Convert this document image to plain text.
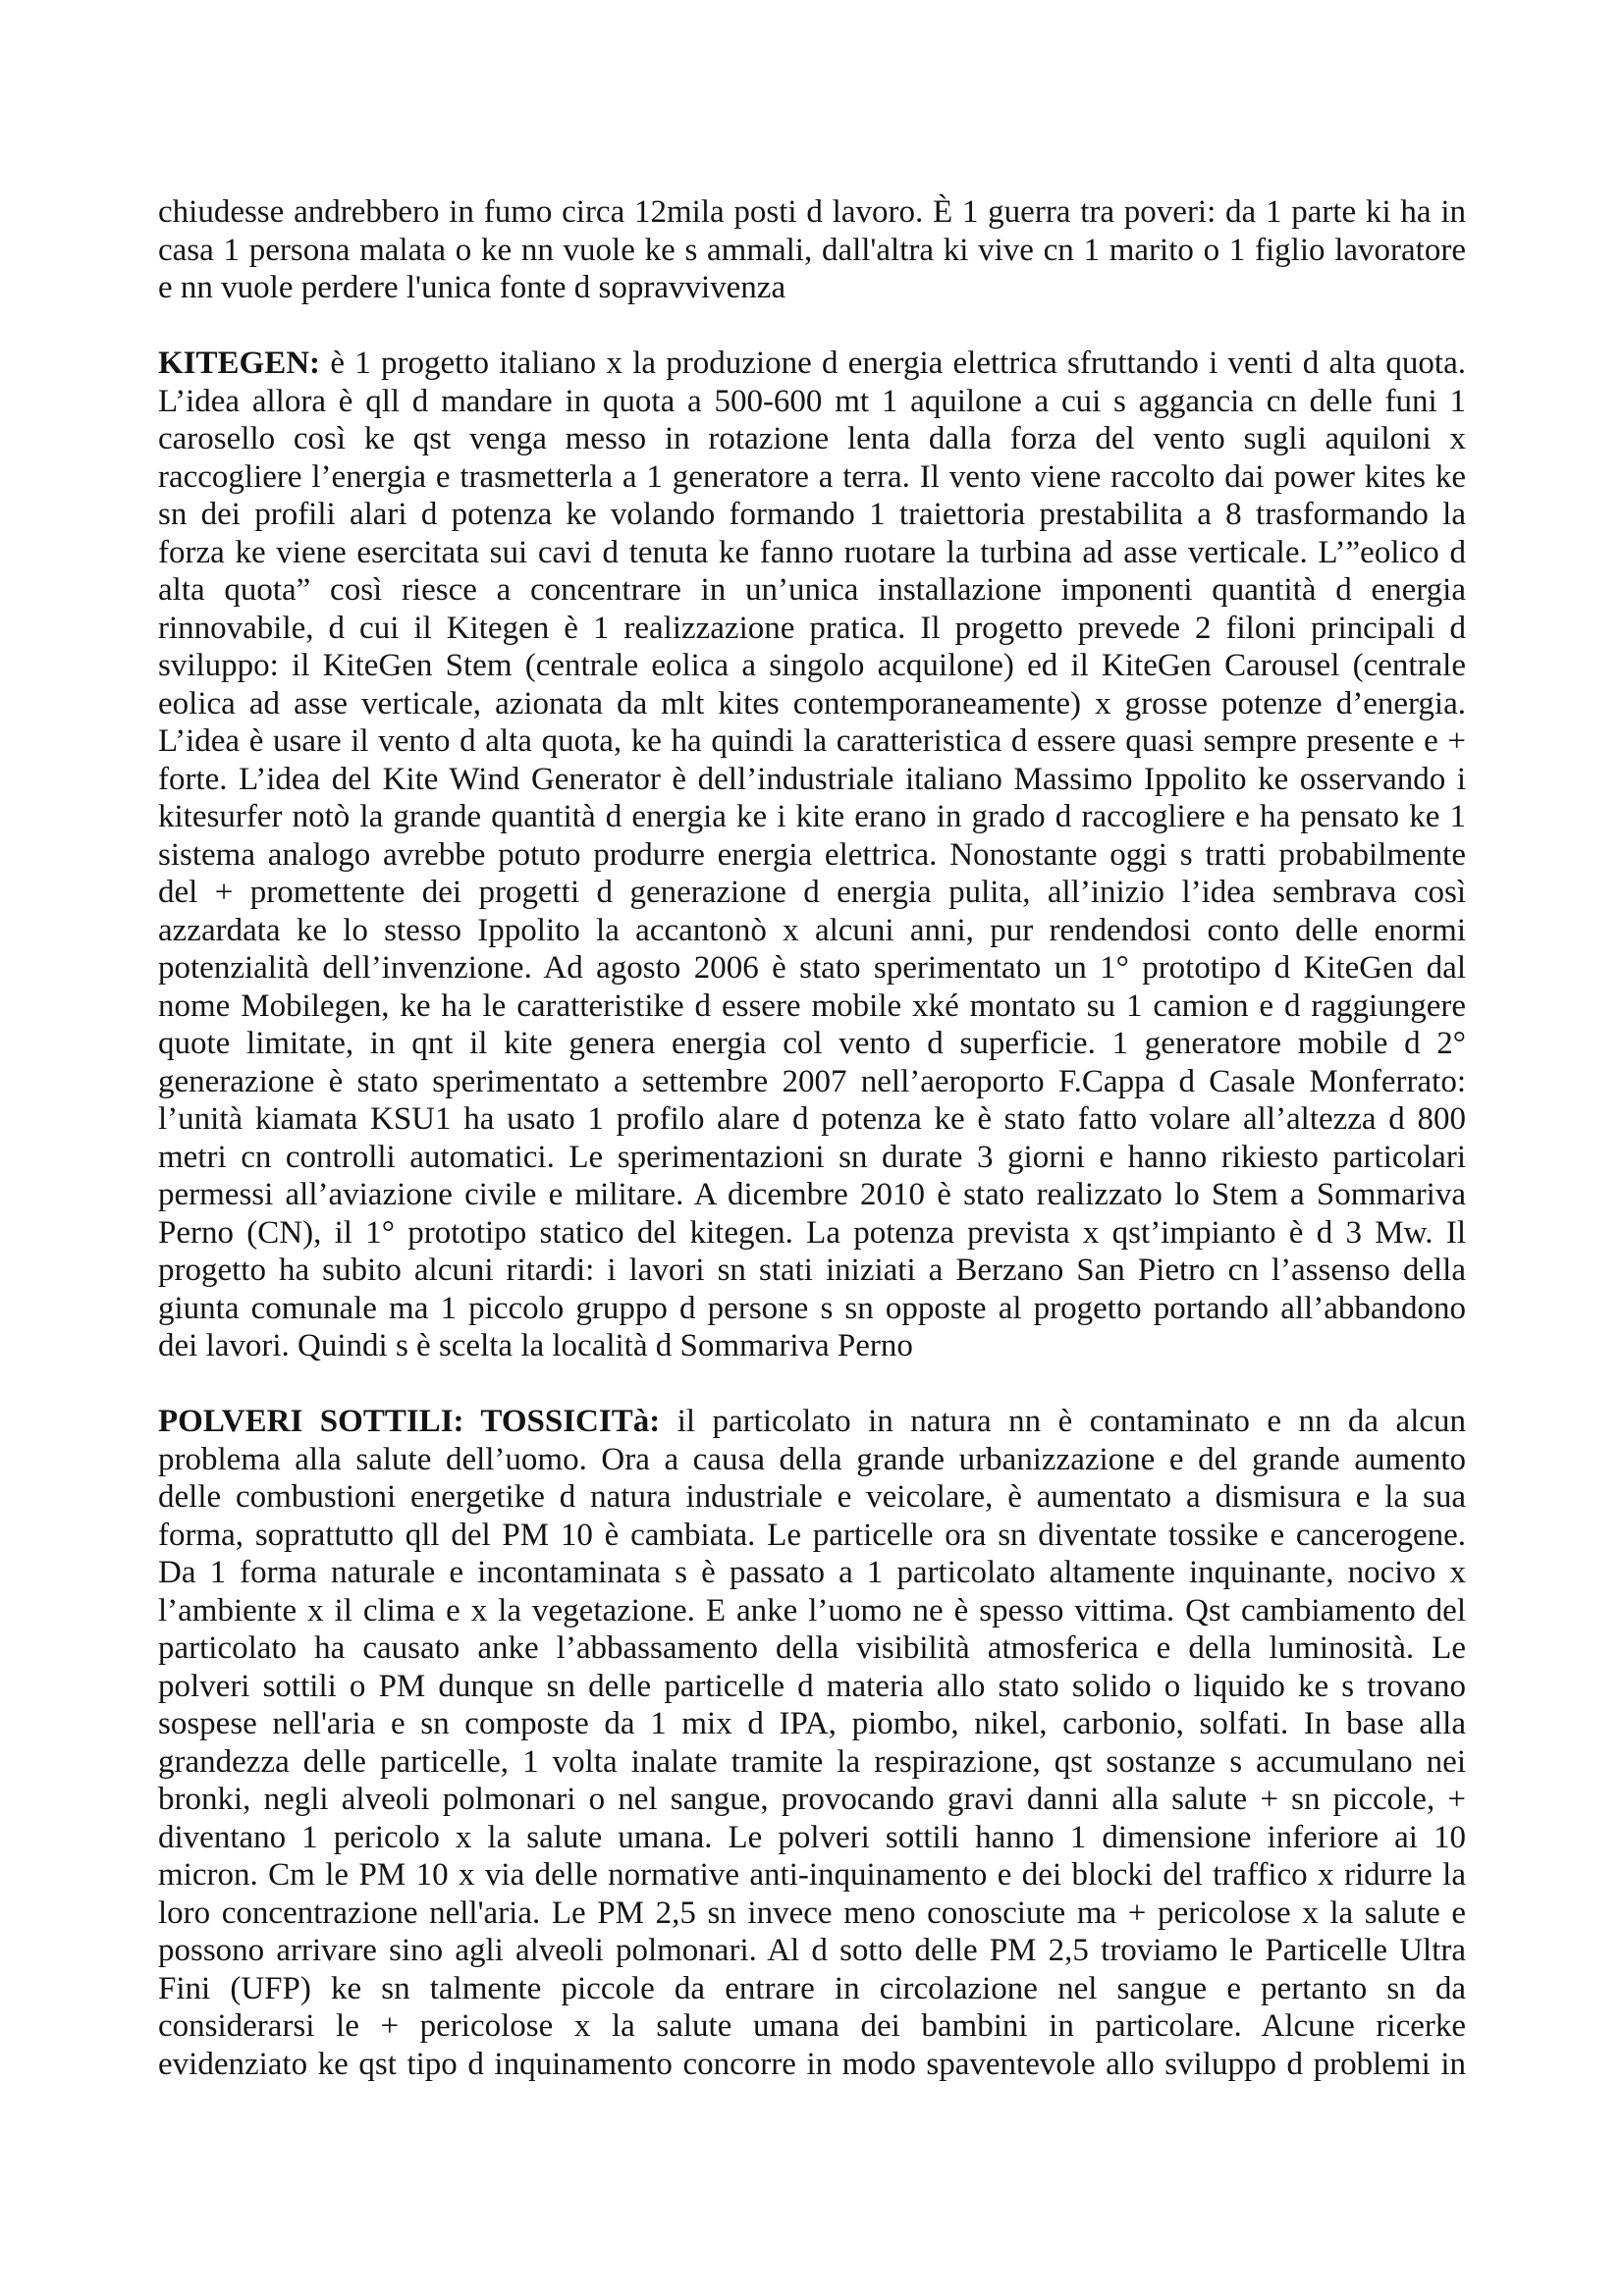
chiudesse andrebbero in fumo circa 12mila posti d lavoro. È 1 guerra tra poveri: da 1 parte ki ha in
casa 1 persona malata o ke nn vuole ke s ammali, dall'altra ki vive cn 1 marito o 1 figlio lavoratore
e nn vuole perdere l'unica fonte d sopravvivenza
KITEGEN: è 1 progetto italiano x la produzione d energia elettrica sfruttando i venti d alta quota.
L’idea allora è qll d mandare in quota a 500-600 mt 1 aquilone a cui s aggancia cn delle funi 1
carosello così ke qst venga messo in rotazione lenta dalla forza del vento sugli aquiloni x
raccogliere l’energia e trasmetterla a 1 generatore a terra. Il vento viene raccolto dai power kites ke
sn dei profili alari d potenza ke volando formando 1 traiettoria prestabilita a 8 trasformando la
forza ke viene esercitata sui cavi d tenuta ke fanno ruotare la turbina ad asse verticale. L’”eolico d
alta quota” così riesce a concentrare in un’unica installazione imponenti quantità d energia
rinnovabile, d cui il Kitegen è 1 realizzazione pratica. Il progetto prevede 2 filoni principali d
sviluppo: il KiteGen Stem (centrale eolica a singolo acquilone) ed il KiteGen Carousel (centrale
eolica ad asse verticale, azionata da mlt kites contemporaneamente) x grosse potenze d’energia.
L’idea è usare il vento d alta quota, ke ha quindi la caratteristica d essere quasi sempre presente e +
forte. L’idea del Kite Wind Generator è dell’industriale italiano Massimo Ippolito ke osservando i
kitesurfer notò la grande quantità d energia ke i kite erano in grado d raccogliere e ha pensato ke 1
sistema analogo avrebbe potuto produrre energia elettrica. Nonostante oggi s tratti probabilmente
del + promettente dei progetti d generazione d energia pulita, all’inizio l’idea sembrava così
azzardata ke lo stesso Ippolito la accantonò x alcuni anni, pur rendendosi conto delle enormi
potenzialità dell’invenzione. Ad agosto 2006 è stato sperimentato un 1° prototipo d KiteGen dal
nome Mobilegen, ke ha le caratteristike d essere mobile xké montato su 1 camion e d raggiungere
quote limitate, in qnt il kite genera energia col vento d superficie. 1 generatore mobile d 2°
generazione è stato sperimentato a settembre 2007 nell’aeroporto F.Cappa d Casale Monferrato:
l’unità kiamata KSU1 ha usato 1 profilo alare d potenza ke è stato fatto volare all’altezza d 800
metri cn controlli automatici. Le sperimentazioni sn durate 3 giorni e hanno rikiesto particolari
permessi all’aviazione civile e militare. A dicembre 2010 è stato realizzato lo Stem a Sommariva
Perno (CN), il 1° prototipo statico del kitegen. La potenza prevista x qst’impianto è d 3 Mw. Il
progetto ha subito alcuni ritardi: i lavori sn stati iniziati a Berzano San Pietro cn l’assenso della
giunta comunale ma 1 piccolo gruppo d persone s sn opposte al progetto portando all’abbandono
dei lavori. Quindi s è scelta la località d Sommariva Perno
POLVERI SOTTILI: TOSSICITà: il particolato in natura nn è contaminato e nn da alcun
problema alla salute dell’uomo. Ora a causa della grande urbanizzazione e del grande aumento
delle combustioni energetike d natura industriale e veicolare, è aumentato a dismisura e la sua
forma, soprattutto qll del PM 10 è cambiata. Le particelle ora sn diventate tossike e cancerogene.
Da 1 forma naturale e incontaminata s è passato a 1 particolato altamente inquinante, nocivo x
l’ambiente x il clima e x la vegetazione. E anke l’uomo ne è spesso vittima. Qst cambiamento del
particolato ha causato anke l’abbassamento della visibilità atmosferica e della luminosità. Le
polveri sottili o PM dunque sn delle particelle d materia allo stato solido o liquido ke s trovano
sospese nell'aria e sn composte da 1 mix d IPA, piombo, nikel, carbonio, solfati. In base alla
grandezza delle particelle, 1 volta inalate tramite la respirazione, qst sostanze s accumulano nei
bronki, negli alveoli polmonari o nel sangue, provocando gravi danni alla salute + sn piccole, +
diventano 1 pericolo x la salute umana. Le polveri sottili hanno 1 dimensione inferiore ai 10
micron. Cm le PM 10 x via delle normative anti-inquinamento e dei blocki del traffico x ridurre la
loro concentrazione nell'aria. Le PM 2,5 sn invece meno conosciute ma + pericolose x la salute e
possono arrivare sino agli alveoli polmonari. Al d sotto delle PM 2,5 troviamo le Particelle Ultra
Fini (UFP) ke sn talmente piccole da entrare in circolazione nel sangue e pertanto sn da
considerarsi le + pericolose x la salute umana dei bambini in particolare. Alcune ricerke
evidenziato ke qst tipo d inquinamento concorre in modo spaventevole allo sviluppo d problemi in
